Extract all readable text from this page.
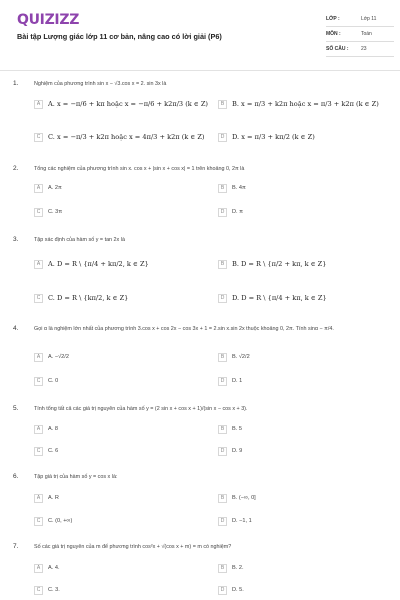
QUIZIZZ
Bài tập Lượng giác lớp 11 cơ bản, nâng cao có lời giải (P6)
LỚP :	Lớp 11
MÔN :	Toán
SỐ CÂU :	23
1.	Nghiệm của phương trình sin x − √3.cos x = 2. sin 3x là
A	A. x = −π/6 + kπ hoặc x = −π/6 + k2π/3 (k ∈ Z)	B	B. x = π/3 + k2π hoặc x = π/3 + k2π (k ∈ Z)
C	C. x = −π/3 + k2π hoặc x = 4π/3 + k2π (k ∈ Z)	D	D. x = π/3 + kπ/2 (k ∈ Z)
2.	Tổng các nghiệm của phương trình sin x. cos x + |sin x + cos x| = 1 trên khoảng 0, 2π là
A	A. 2π	B	B. 4π
C	C. 3π	D	D. π
3.	Tập xác định của hàm số y = tan 2x là
A	A. D = R \ {π/4 + kπ/2, k ∈ Z}	B	B. D = R \ {π/2 + kπ, k ∈ Z}
C	C. D = R \ {kπ/2, k ∈ Z}	D	D. D = R \ {π/4 + kπ, k ∈ Z}
4.	Gọi α là nghiệm lớn nhất của phương trình 3.cos x + cos 2x − cos 3x + 1 = 2.sin x.sin 2x thuộc khoảng 0, 2π. Tính sinα − π/4.
A	A. −√2/2	B	B. √2/2
C	C. 0	D	D. 1
5.	Tính tổng tất cả các giá trị nguyên của hàm số y = (2 sin x + cos x + 1)/(sin x − cos x + 3).
A	A. 8	B	B. 5
C	C. 6	D	D. 9
6.	Tập giá trị của hàm số y = cos x là:
A	A. R	B	B. (−∞, 0]
C	C. (0, +∞)	D	D. −1, 1
7.	Số các giá trị nguyên của m để phương trình cos²x + √(cos x + m) = m có nghiệm?
A	A. 4.	B	B. 2.
C	C. 3.	D	D. 5.
